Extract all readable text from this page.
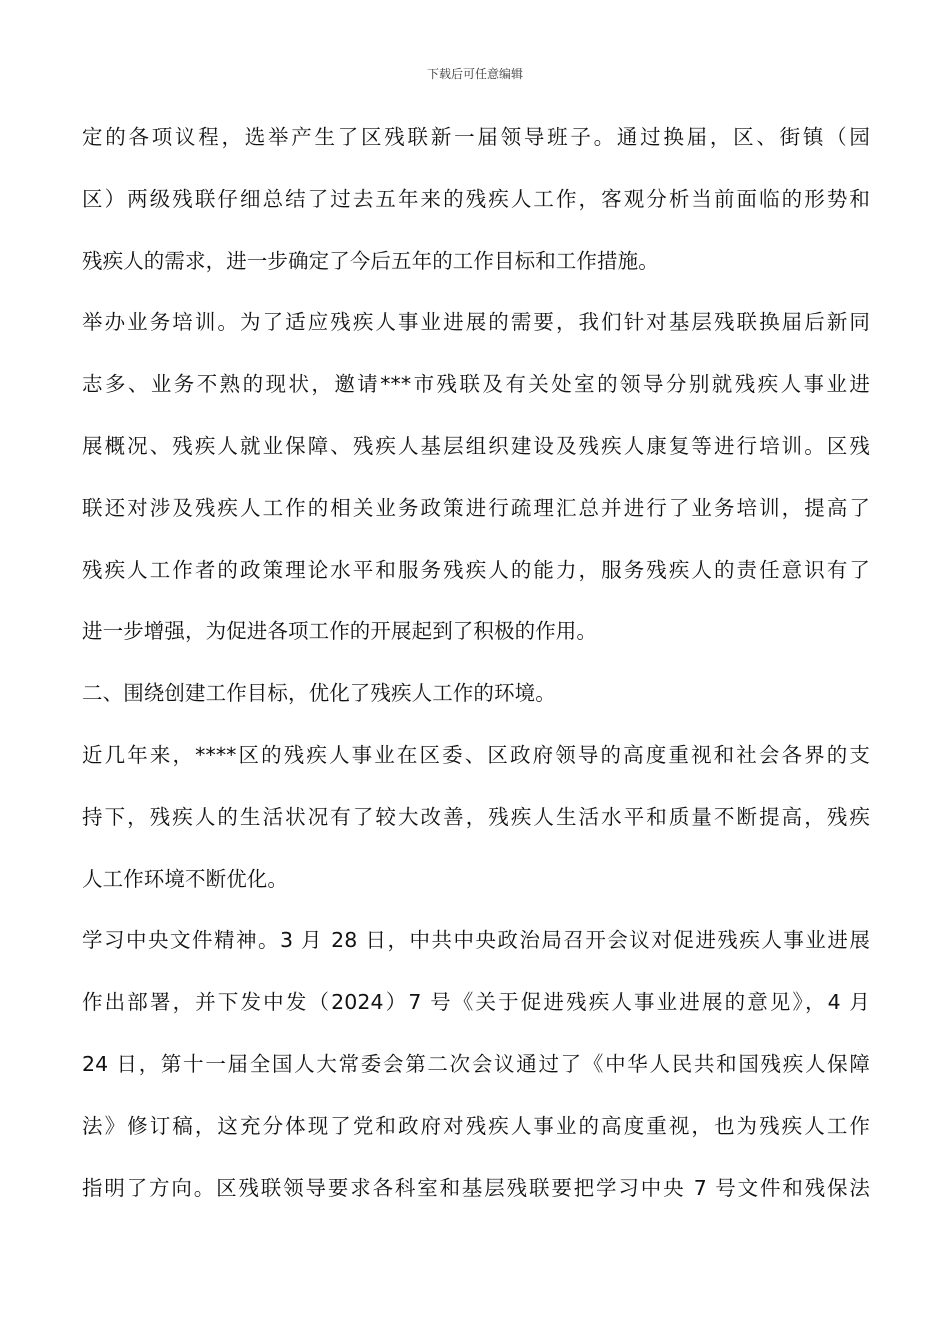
下载后可任意编辑
定的各项议程，选举产生了区残联新一届领导班子。通过换届，区、街镇（园
区）两级残联仔细总结了过去五年来的残疾人工作，客观分析当前面临的形势和
残疾人的需求，进一步确定了今后五年的工作目标和工作措施。
举办业务培训。为了适应残疾人事业进展的需要，我们针对基层残联换届后新同
志多、业务不熟的现状，邀请***市残联及有关处室的领导分别就残疾人事业进
展概况、残疾人就业保障、残疾人基层组织建设及残疾人康复等进行培训。区残
联还对涉及残疾人工作的相关业务政策进行疏理汇总并进行了业务培训，提高了
残疾人工作者的政策理论水平和服务残疾人的能力，服务残疾人的责任意识有了
进一步增强，为促进各项工作的开展起到了积极的作用。
二、围绕创建工作目标，优化了残疾人工作的环境。
近几年来，****区的残疾人事业在区委、区政府领导的高度重视和社会各界的支
持下，残疾人的生活状况有了较大改善，残疾人生活水平和质量不断提高，残疾
人工作环境不断优化。
学习中央文件精神。3 月 28 日，中共中央政治局召开会议对促进残疾人事业进展
作出部署，并下发中发（2024）7 号《关于促进残疾人事业进展的意见》，4 月
24 日，第十一届全国人大常委会第二次会议通过了《中华人民共和国残疾人保障
法》修订稿，这充分体现了党和政府对残疾人事业的高度重视，也为残疾人工作
指明了方向。区残联领导要求各科室和基层残联要把学习中央 7 号文件和残保法
